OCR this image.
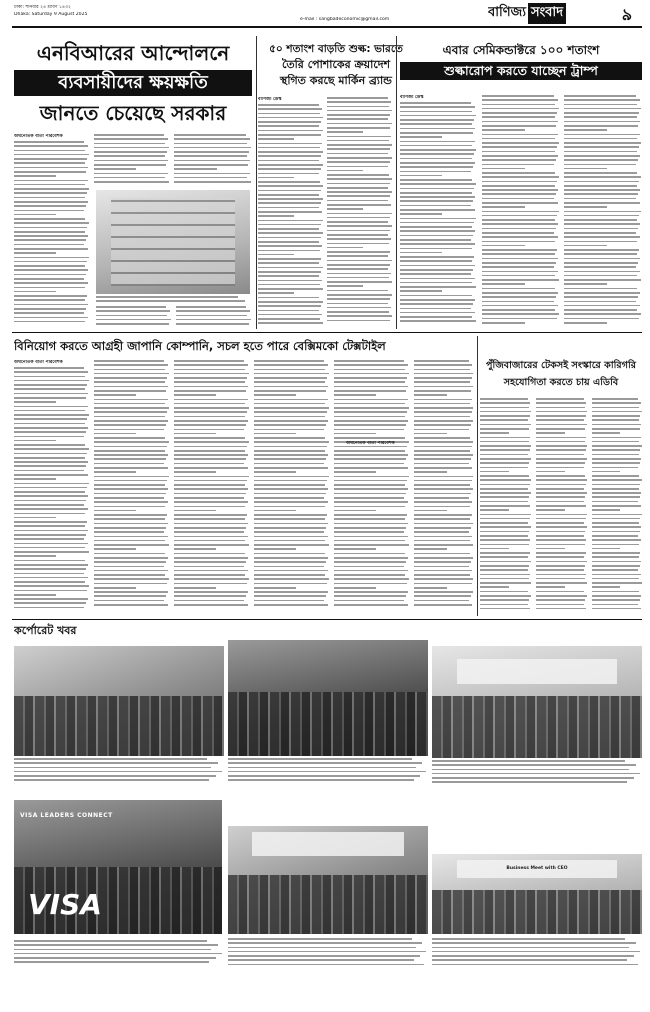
ঢাকা: শনিবার ২৪ শ্রাবণ ১৪৩২
Dhaka: Saturday 9 August 2025
e-mail : sangbadeconomic@gmail.com	বাণিজ্য সংবাদ	৯
এনবিআরের আন্দোলনে
ব্যবসায়ীদের ক্ষয়ক্ষতি
জানতে চেয়েছে সরকার
অর্থনৈতিক বার্তা পরিবেশক
৫০ শতাংশ বাড়তি শুল্ক: ভারতে
তৈরি পোশাকের ক্রয়াদেশ
স্থগিত করছে মার্কিন ব্র্যান্ড
বাণিজ্য ডেস্ক
এবার সেমিকন্ডাক্টরে ১০০ শতাংশ
শুল্কারোপ করতে যাচ্ছেন ট্রাম্প
বাণিজ্য ডেস্ক
বিনিয়োগ করতে আগ্রহী জাপানি কোম্পানি, সচল হতে পারে বেক্সিমকো টেক্সটাইল
অর্থনৈতিক বার্তা পরিবেশক	পুঁজিবাজারের টেকসই সংস্কারে কারিগরি
সহযোগিতা করতে চায় এডিবি
অর্থনৈতিক বার্তা পরিবেশক
কর্পোরেট খবর
VISA LEADERS CONNECT
VISA
Business Meet with CEO
